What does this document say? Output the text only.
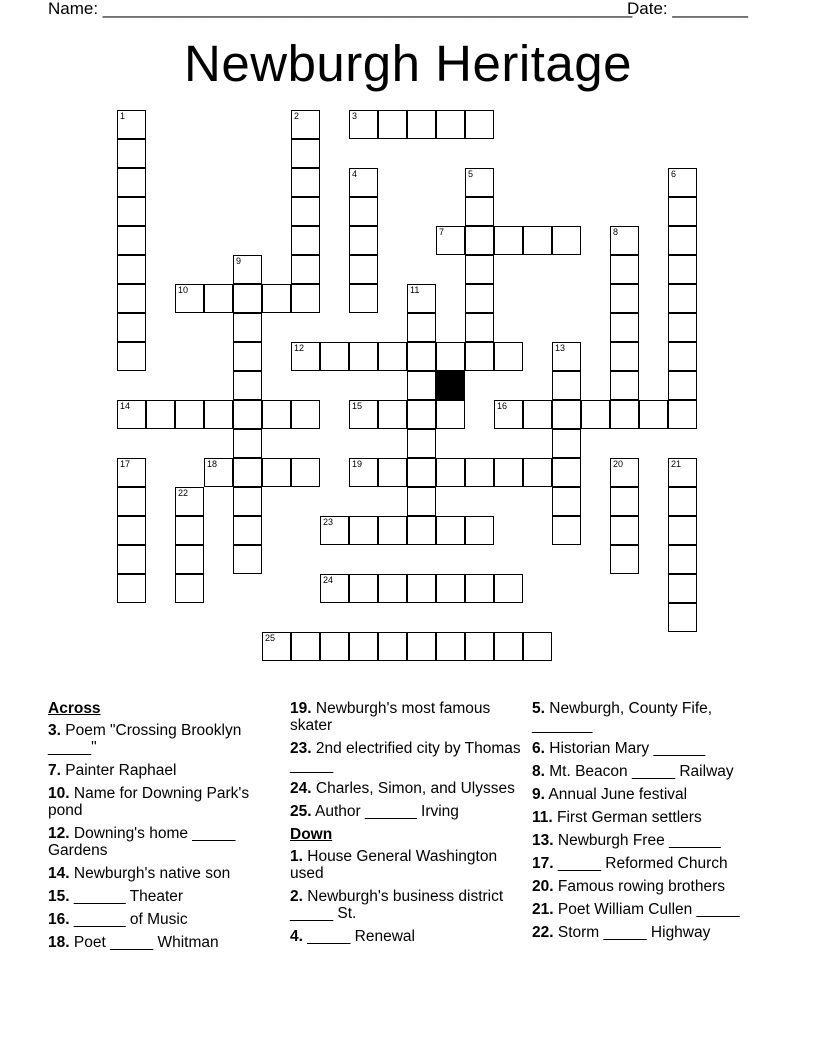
Name: ________________________________________________________
Date: ________
Newburgh Heritage
3
7
10
12
14	15	16
18	19
23
24
25
1	2
4	5	6
8
9
11
13
17	20	21
22
Across
3. Poem "Crossing Brooklyn _____"
7. Painter Raphael
10. Name for Downing Park's pond
12. Downing's home _____ Gardens
14. Newburgh's native son
15. ______ Theater
16. ______ of Music
18. Poet _____ Whitman
19. Newburgh's most famous skater
23. 2nd electrified city by Thomas _____
24. Charles, Simon, and Ulysses
25. Author ______ Irving
Down
1. House General Washington used
2. Newburgh's business district _____ St.
4. _____ Renewal
5. Newburgh, County Fife, _______
6. Historian Mary ______
8. Mt. Beacon _____ Railway
9. Annual June festival
11. First German settlers
13. Newburgh Free ______
17. _____ Reformed Church
20. Famous rowing brothers
21. Poet William Cullen _____
22. Storm _____ Highway
